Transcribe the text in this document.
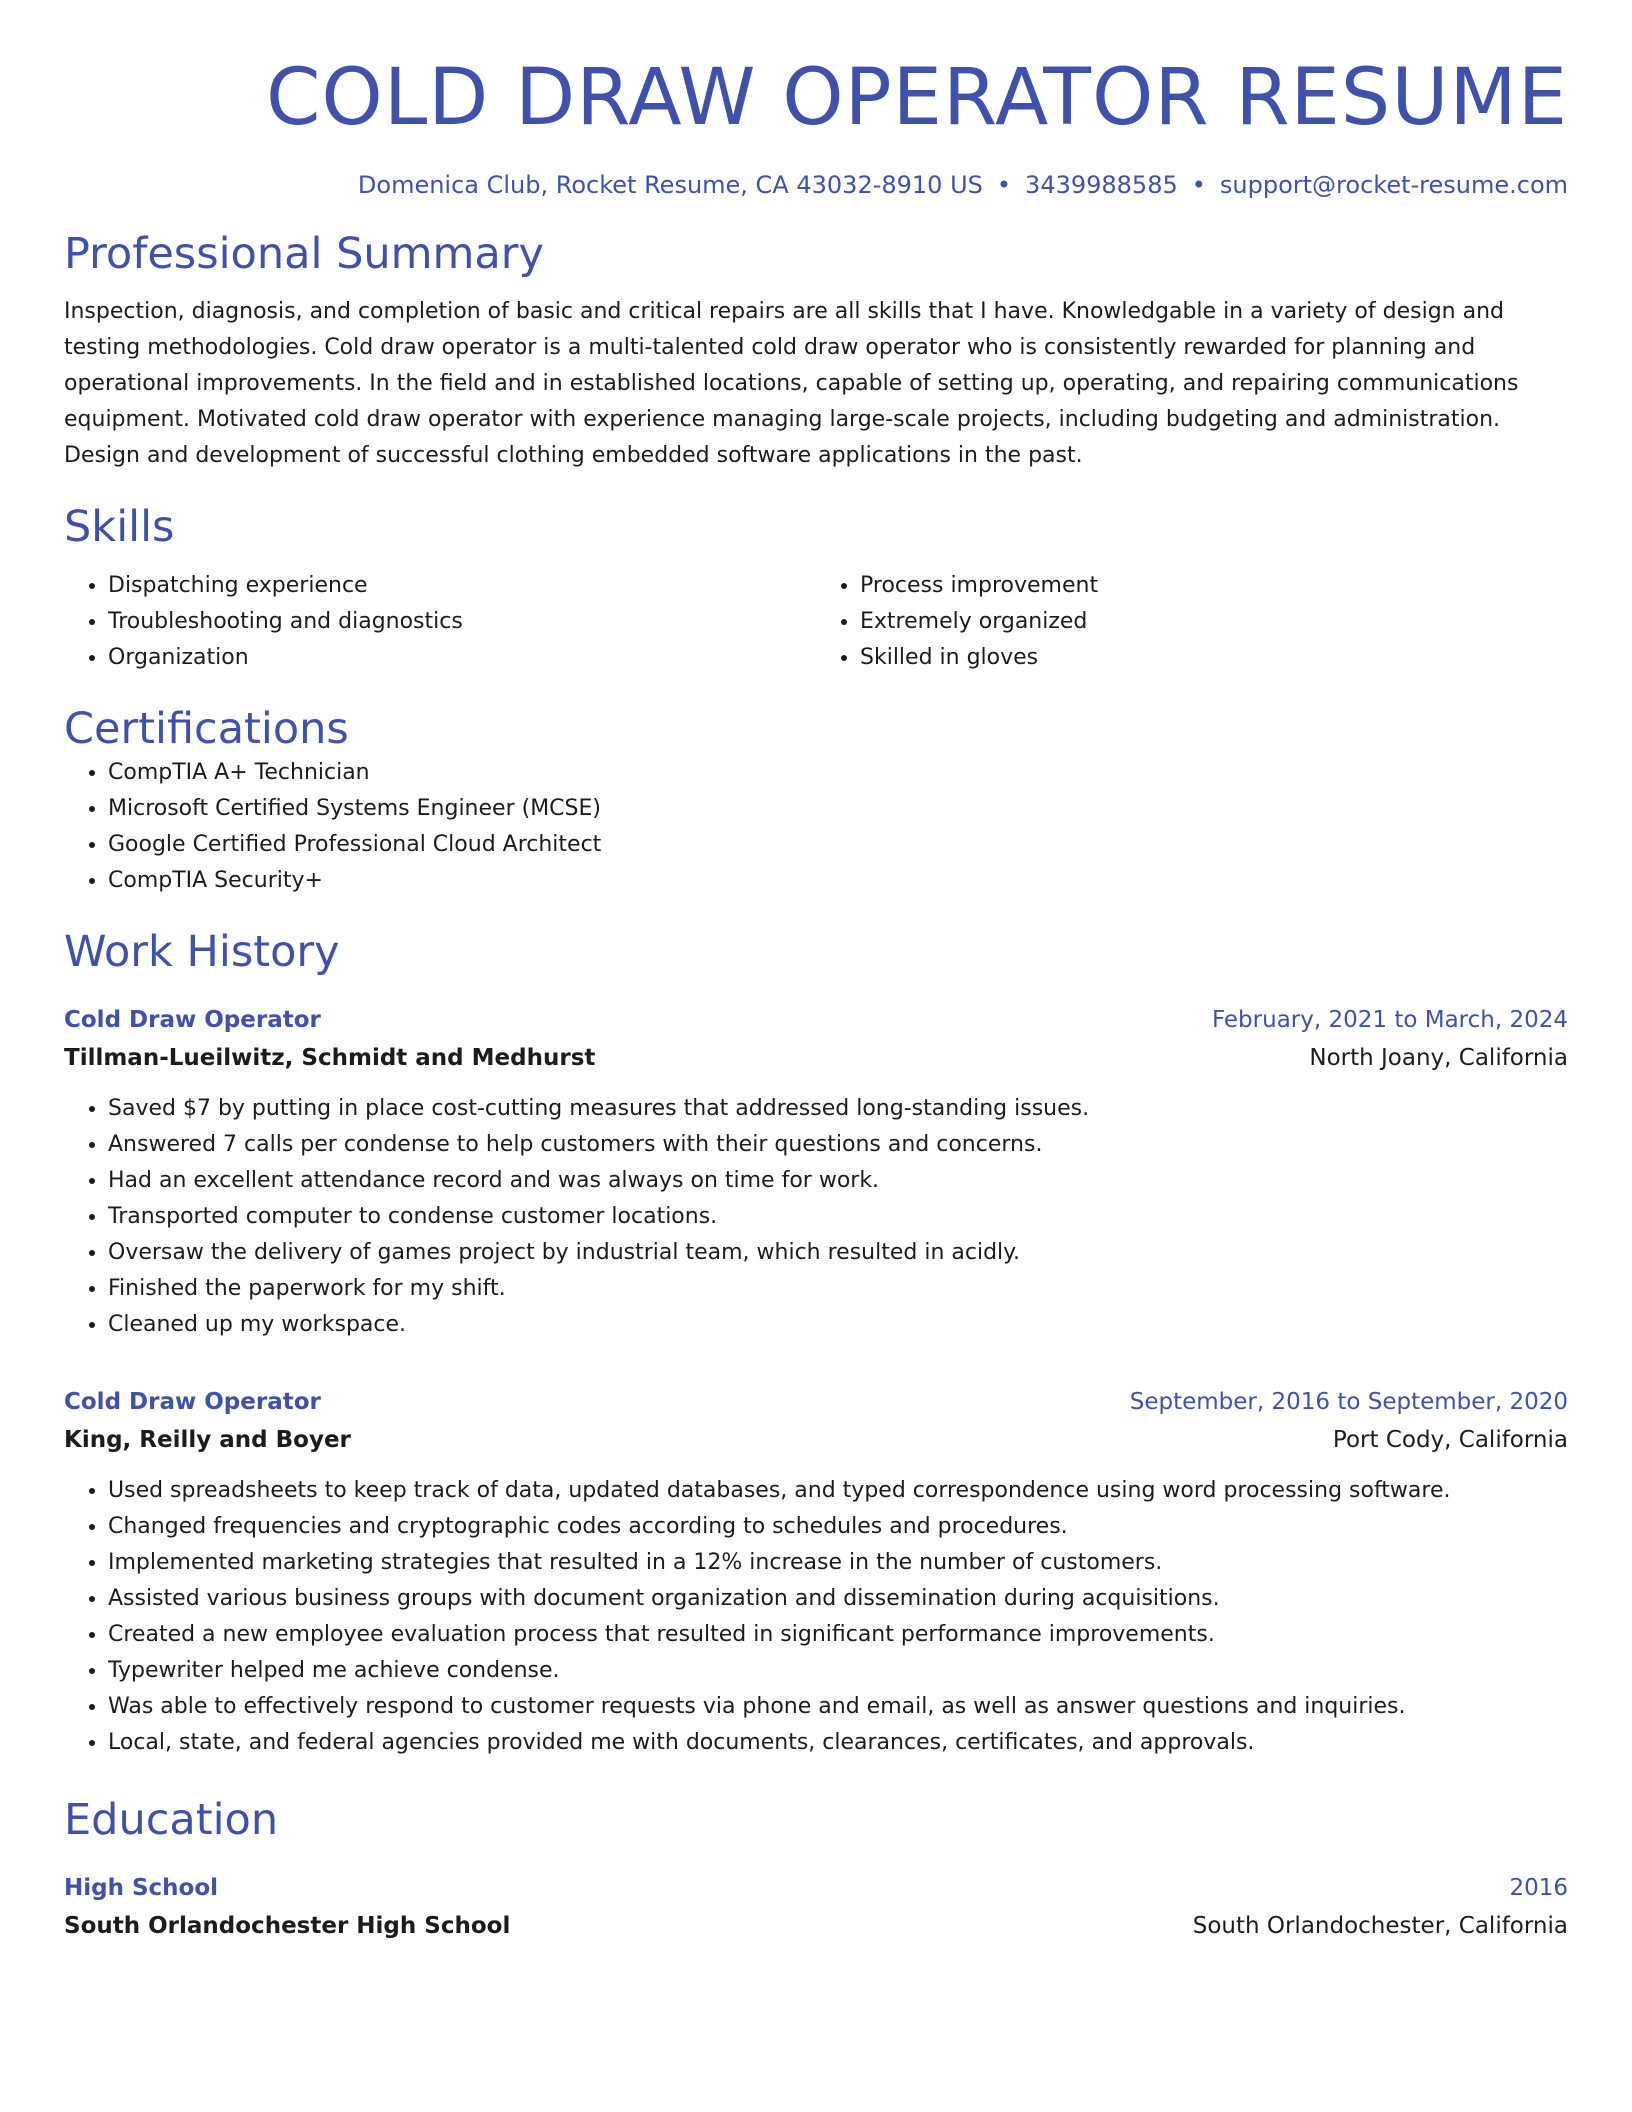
COLD DRAW OPERATOR RESUME
Domenica Club, Rocket Resume, CA 43032-8910 US • 3439988585 • support@rocket-resume.com
Professional Summary

Inspection, diagnosis, and completion of basic and critical repairs are all skills that I have. Knowledgable in a variety of design and testing methodologies. Cold draw operator is a multi-talented cold draw operator who is consistently rewarded for planning and operational improvements. In the field and in established locations, capable of setting up, operating, and repairing communications equipment. Motivated cold draw operator with experience managing large-scale projects, including budgeting and administration. Design and development of successful clothing embedded software applications in the past.

Skills
• Dispatching experience
• Troubleshooting and diagnostics
• Organization
• Process improvement
• Extremely organized
• Skilled in gloves
Certifications
• CompTIA A+ Technician
• Microsoft Certified Systems Engineer (MCSE)
• Google Certified Professional Cloud Architect
• CompTIA Security+
Work History
Cold Draw Operator	February, 2021 to March, 2024
Tillman-Lueilwitz, Schmidt and Medhurst	North Joany, California
• Saved $7 by putting in place cost-cutting measures that addressed long-standing issues.
• Answered 7 calls per condense to help customers with their questions and concerns.
• Had an excellent attendance record and was always on time for work.
• Transported computer to condense customer locations.
• Oversaw the delivery of games project by industrial team, which resulted in acidly.
• Finished the paperwork for my shift.
• Cleaned up my workspace.
Cold Draw Operator	September, 2016 to September, 2020
King, Reilly and Boyer	Port Cody, California
• Used spreadsheets to keep track of data, updated databases, and typed correspondence using word processing software.
• Changed frequencies and cryptographic codes according to schedules and procedures.
• Implemented marketing strategies that resulted in a 12% increase in the number of customers.
• Assisted various business groups with document organization and dissemination during acquisitions.
• Created a new employee evaluation process that resulted in significant performance improvements.
• Typewriter helped me achieve condense.
• Was able to effectively respond to customer requests via phone and email, as well as answer questions and inquiries.
• Local, state, and federal agencies provided me with documents, clearances, certificates, and approvals.
Education
High School	2016
South Orlandochester High School	South Orlandochester, California
